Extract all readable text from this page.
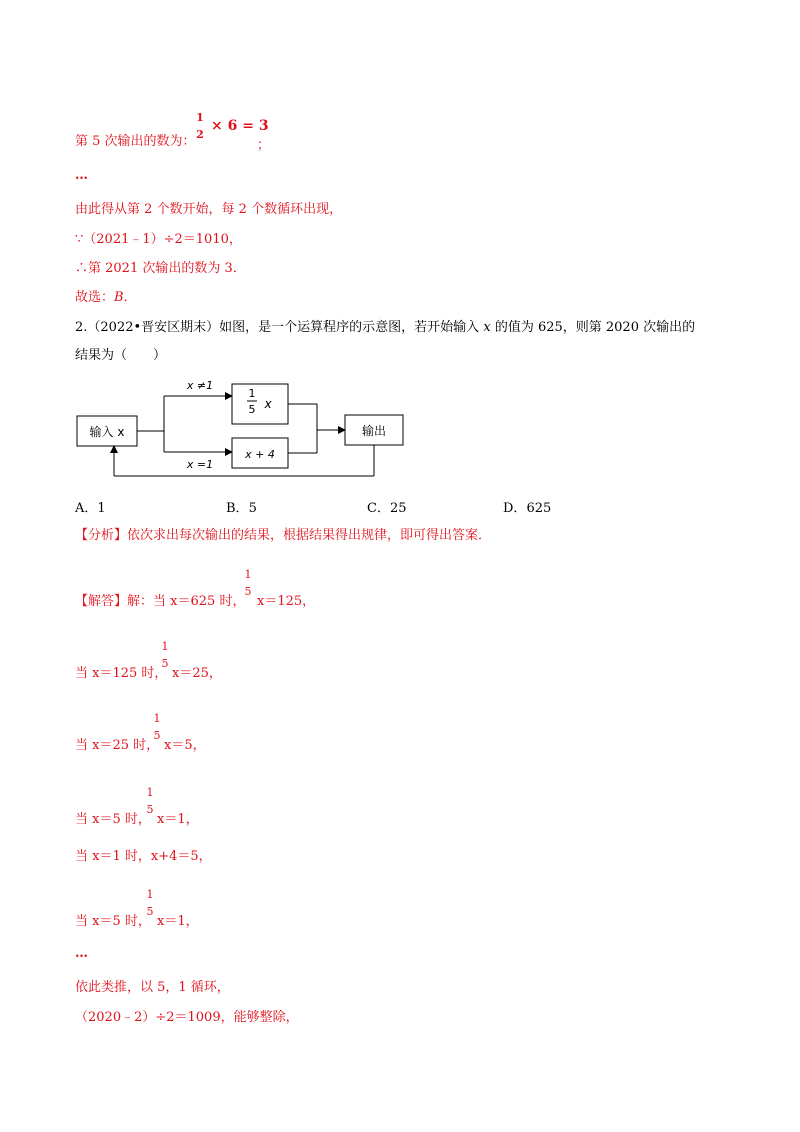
第 5 次输出的数为：
1
2
× 6 = 3
；
…
由此得从第 2 个数开始，每 2 个数循环出现，
∵（2021﹣1）÷2＝1010，
∴第 2021 次输出的数为 3．
故选：B．
2.（2022•晋安区期末）如图，是一个运算程序的示意图，若开始输入 x 的值为 625，则第 2020 次输出的
结果为（　　）
输入 x
x ≠1
x =1
1
5 x
x + 4
输出
A．1	B．5	C．25	D．625
【分析】依次求出每次输出的结果，根据结果得出规律，即可得出答案．
【解答】解：当 x＝625 时，
1
5
x＝125，
当 x＝125 时，
1
5
x＝25，
当 x＝25 时，
1
5
x＝5，
当 x＝5 时，
1
5
x＝1，
当 x＝1 时，x+4＝5，
当 x＝5 时，
1
5
x＝1，
…
依此类推，以 5，1 循环，
（2020﹣2）÷2＝1009，能够整除，
